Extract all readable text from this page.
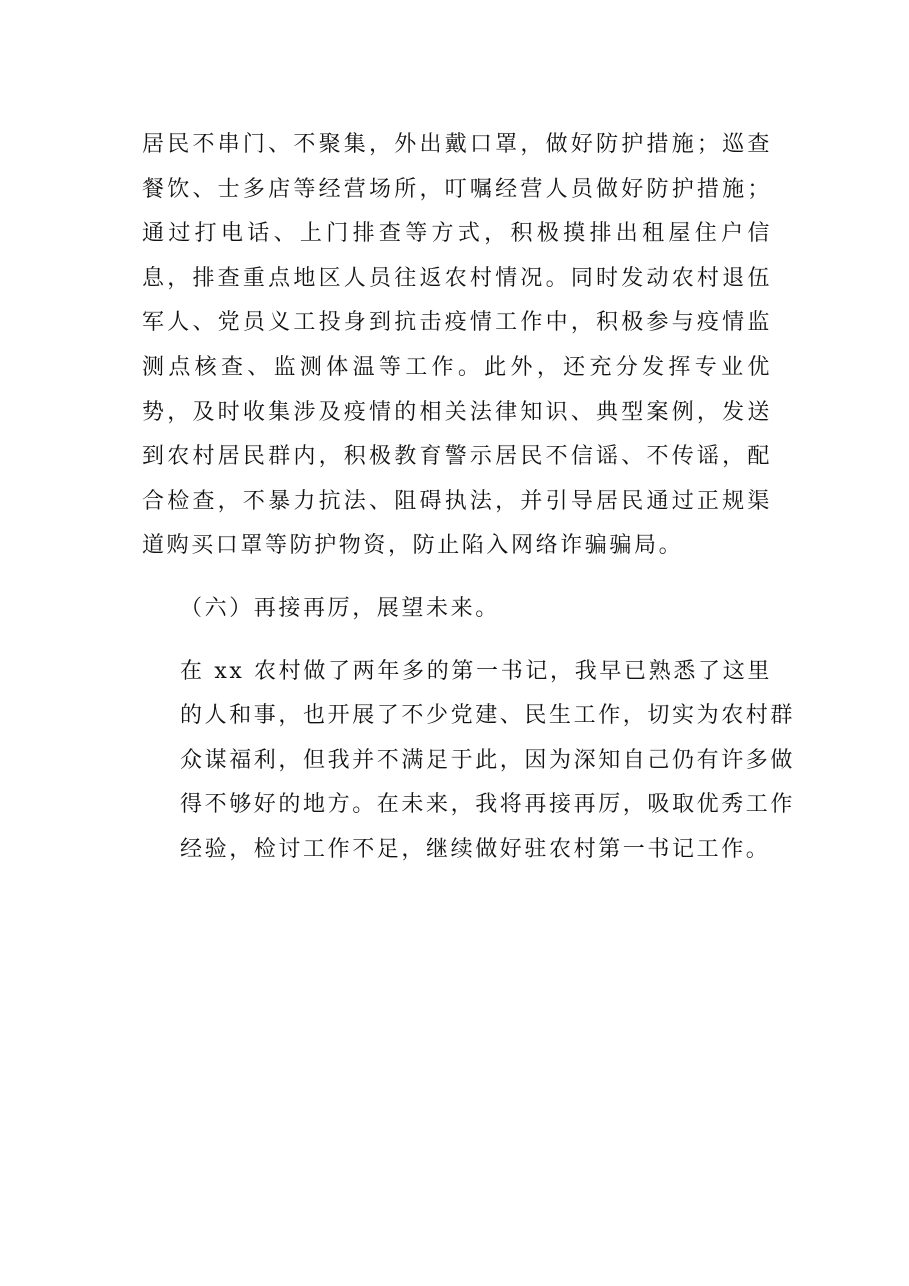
居民不串门、不聚集，外出戴口罩，做好防护措施；巡查
餐饮、士多店等经营场所，叮嘱经营人员做好防护措施；
通过打电话、上门排查等方式，积极摸排出租屋住户信
息，排查重点地区人员往返农村情况。同时发动农村退伍
军人、党员义工投身到抗击疫情工作中，积极参与疫情监
测点核查、监测体温等工作。此外，还充分发挥专业优
势，及时收集涉及疫情的相关法律知识、典型案例，发送
到农村居民群内，积极教育警示居民不信谣、不传谣，配
合检查，不暴力抗法、阻碍执法，并引导居民通过正规渠
道购买口罩等防护物资，防止陷入网络诈骗骗局。
（六）再接再厉，展望未来。
在 xx 农村做了两年多的第一书记，我早已熟悉了这里
的人和事，也开展了不少党建、民生工作，切实为农村群
众谋福利，但我并不满足于此，因为深知自己仍有许多做
得不够好的地方。在未来，我将再接再厉，吸取优秀工作
经验，检讨工作不足，继续做好驻农村第一书记工作。
